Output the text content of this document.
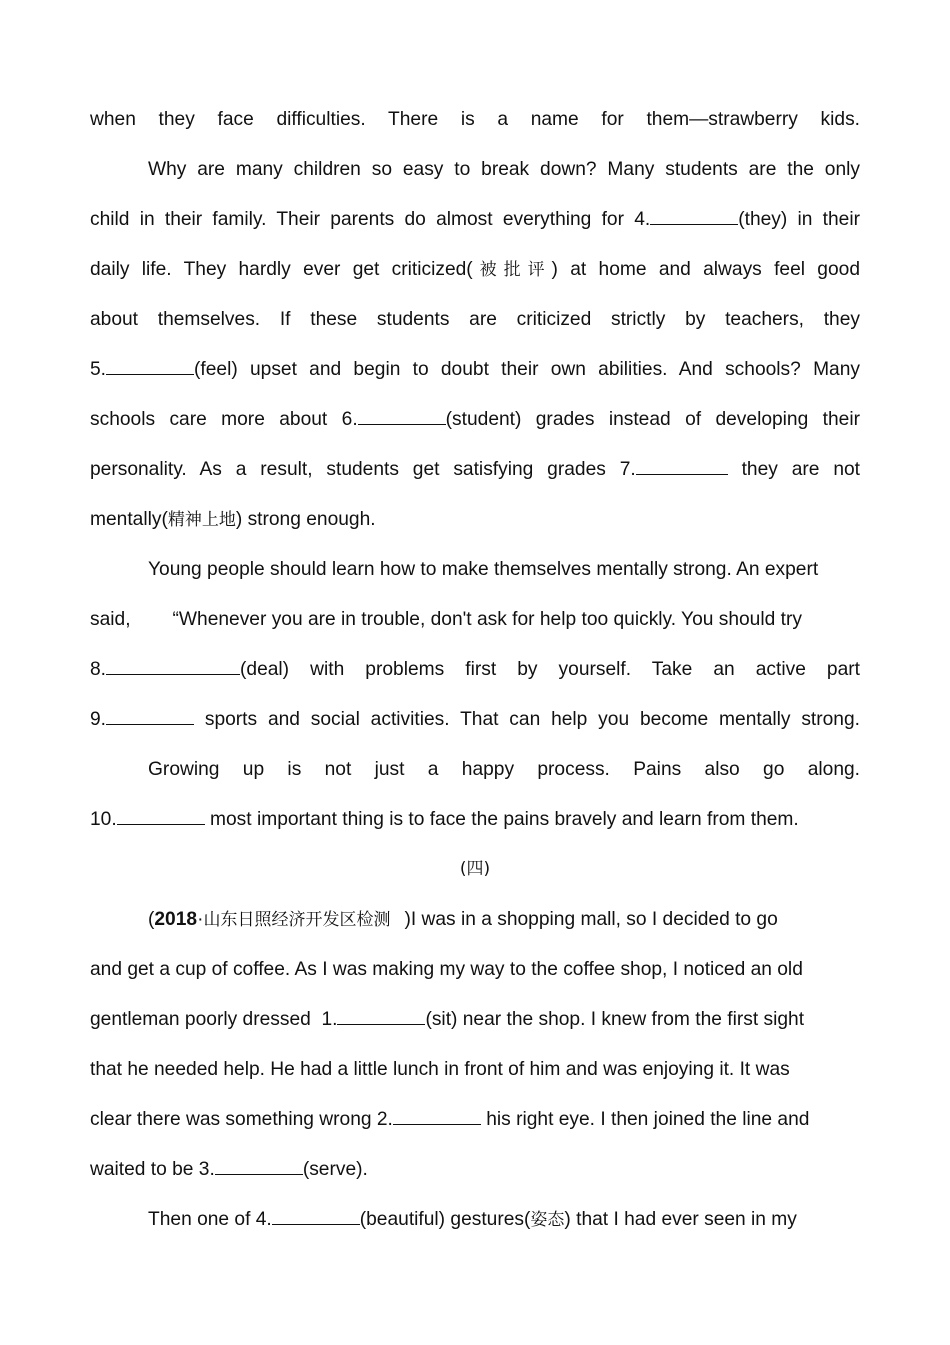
when they face difficulties. There is a name for them—strawberry kids.
Why are many children so easy to break down? Many students are the only
child in their family. Their parents do almost everything for 4.	(they) in their
daily life. They hardly ever get criticized(被批评) at home and always feel good
about themselves. If these students are criticized strictly by teachers, they
5.	(feel) upset and begin to doubt their own abilities. And schools? Many
schools care more about 6.	(student) grades instead of developing their
personality. As a result, students get satisfying grades 7.	they are not
mentally(精神上地) strong enough.
Young people should learn how to make themselves mentally strong. An expert
said, “Whenever you are in trouble, don't ask for help too quickly. You should try
8.	(deal) with problems first by yourself. Take an active part
9.	sports and social activities. That can help you become mentally strong.
Growing up is not just a happy process. Pains also go along.
10.	most important thing is to face the pains bravely and learn from them.
(四)
(2018·山东日照经济开发区检测 )I was in a shopping mall, so I decided to go
and get a cup of coffee. As I was making my way to the coffee shop, I noticed an old
gentleman poorly dressed  1.	(sit) near the shop. I knew from the first sight
that he needed help. He had a little lunch in front of him and was enjoying it. It was
clear there was something wrong 2.	his right eye. I then joined the line and
waited to be 3.	(serve).
Then one of 4.	(beautiful) gestures(姿态) that I had ever seen in my
